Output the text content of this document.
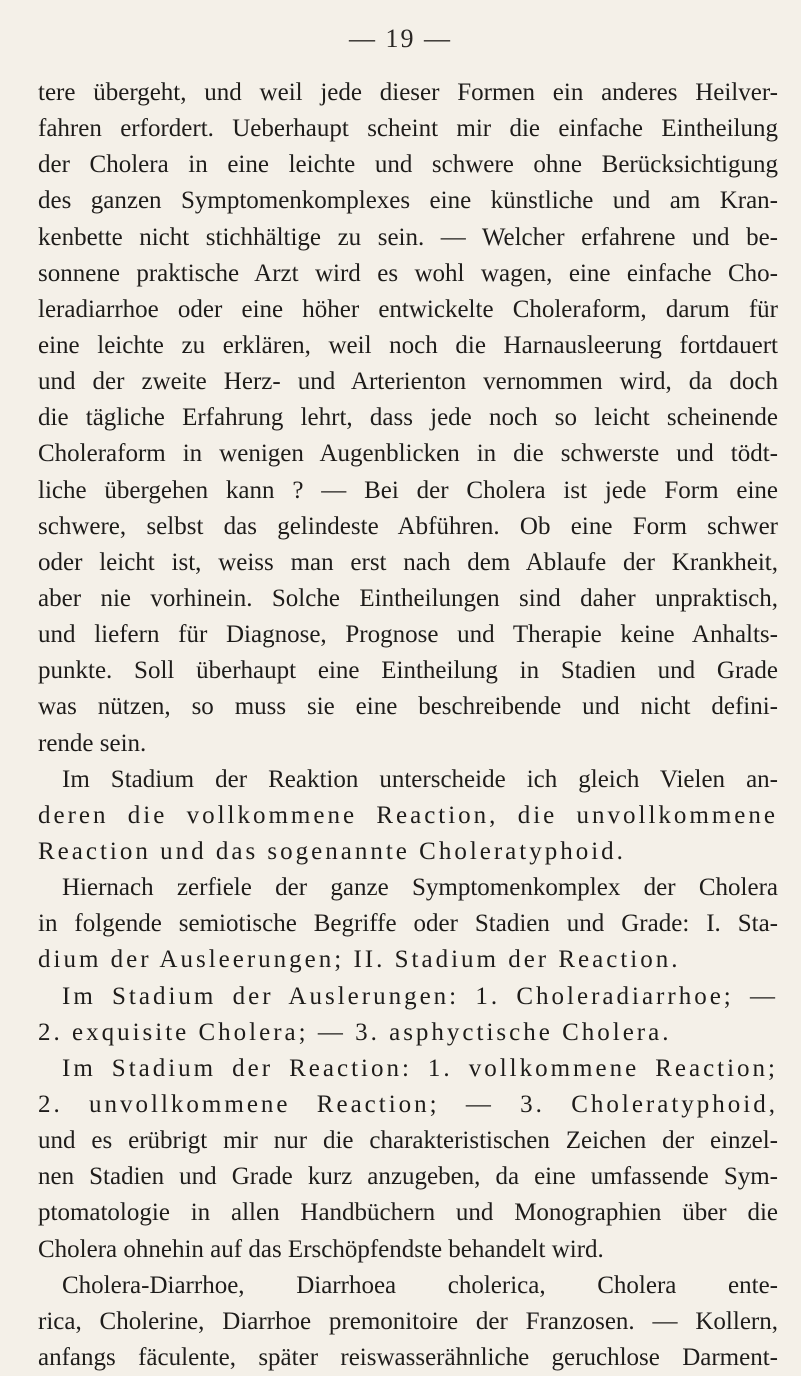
— 19 —
tere übergeht, und weil jede dieser Formen ein anderes Heilver-
fahren erfordert. Ueberhaupt scheint mir die einfache Eintheilung
der Cholera in eine leichte und schwere ohne Berücksichtigung
des ganzen Symptomenkomplexes eine künstliche und am Kran-
kenbette nicht stichhältige zu sein. — Welcher erfahrene und be-
sonnene praktische Arzt wird es wohl wagen, eine einfache Cho-
leradiarrhoe oder eine höher entwickelte Choleraform, darum für
eine leichte zu erklären, weil noch die Harnausleerung fortdauert
und der zweite Herz- und Arterienton vernommen wird, da doch
die tägliche Erfahrung lehrt, dass jede noch so leicht scheinende
Choleraform in wenigen Augenblicken in die schwerste und tödt-
liche übergehen kann ? — Bei der Cholera ist jede Form eine
schwere, selbst das gelindeste Abführen. Ob eine Form schwer
oder leicht ist, weiss man erst nach dem Ablaufe der Krankheit,
aber nie vorhinein. Solche Eintheilungen sind daher unpraktisch,
und liefern für Diagnose, Prognose und Therapie keine Anhalts-
punkte. Soll überhaupt eine Eintheilung in Stadien und Grade
was nützen, so muss sie eine beschreibende und nicht defini-
rende sein.
Im Stadium der Reaktion unterscheide ich gleich Vielen an-
deren die vollkommene Reaction, die unvollkommene
Reaction und das sogenannte Choleratyphoid.
Hiernach zerfiele der ganze Symptomenkomplex der Cholera
in folgende semiotische Begriffe oder Stadien und Grade: I. Sta-
dium der Ausleerungen; II. Stadium der Reaction.
Im Stadium der Auslerungen: 1. Choleradiarrhoe; —
2. exquisite Cholera; — 3. asphyctische Cholera.
Im Stadium der Reaction: 1. vollkommene Reaction;
2. unvollkommene Reaction; — 3. Choleratyphoid,
und es erübrigt mir nur die charakteristischen Zeichen der einzel-
nen Stadien und Grade kurz anzugeben, da eine umfassende Sym-
ptomatologie in allen Handbüchern und Monographien über die
Cholera ohnehin auf das Erschöpfendste behandelt wird.
Cholera-Diarrhoe, Diarrhoea cholerica, Cholera ente-
rica, Cholerine, Diarrhoe premonitoire der Franzosen. — Kollern,
anfangs fäculente, später reiswasserähnliche geruchlose Darment-
